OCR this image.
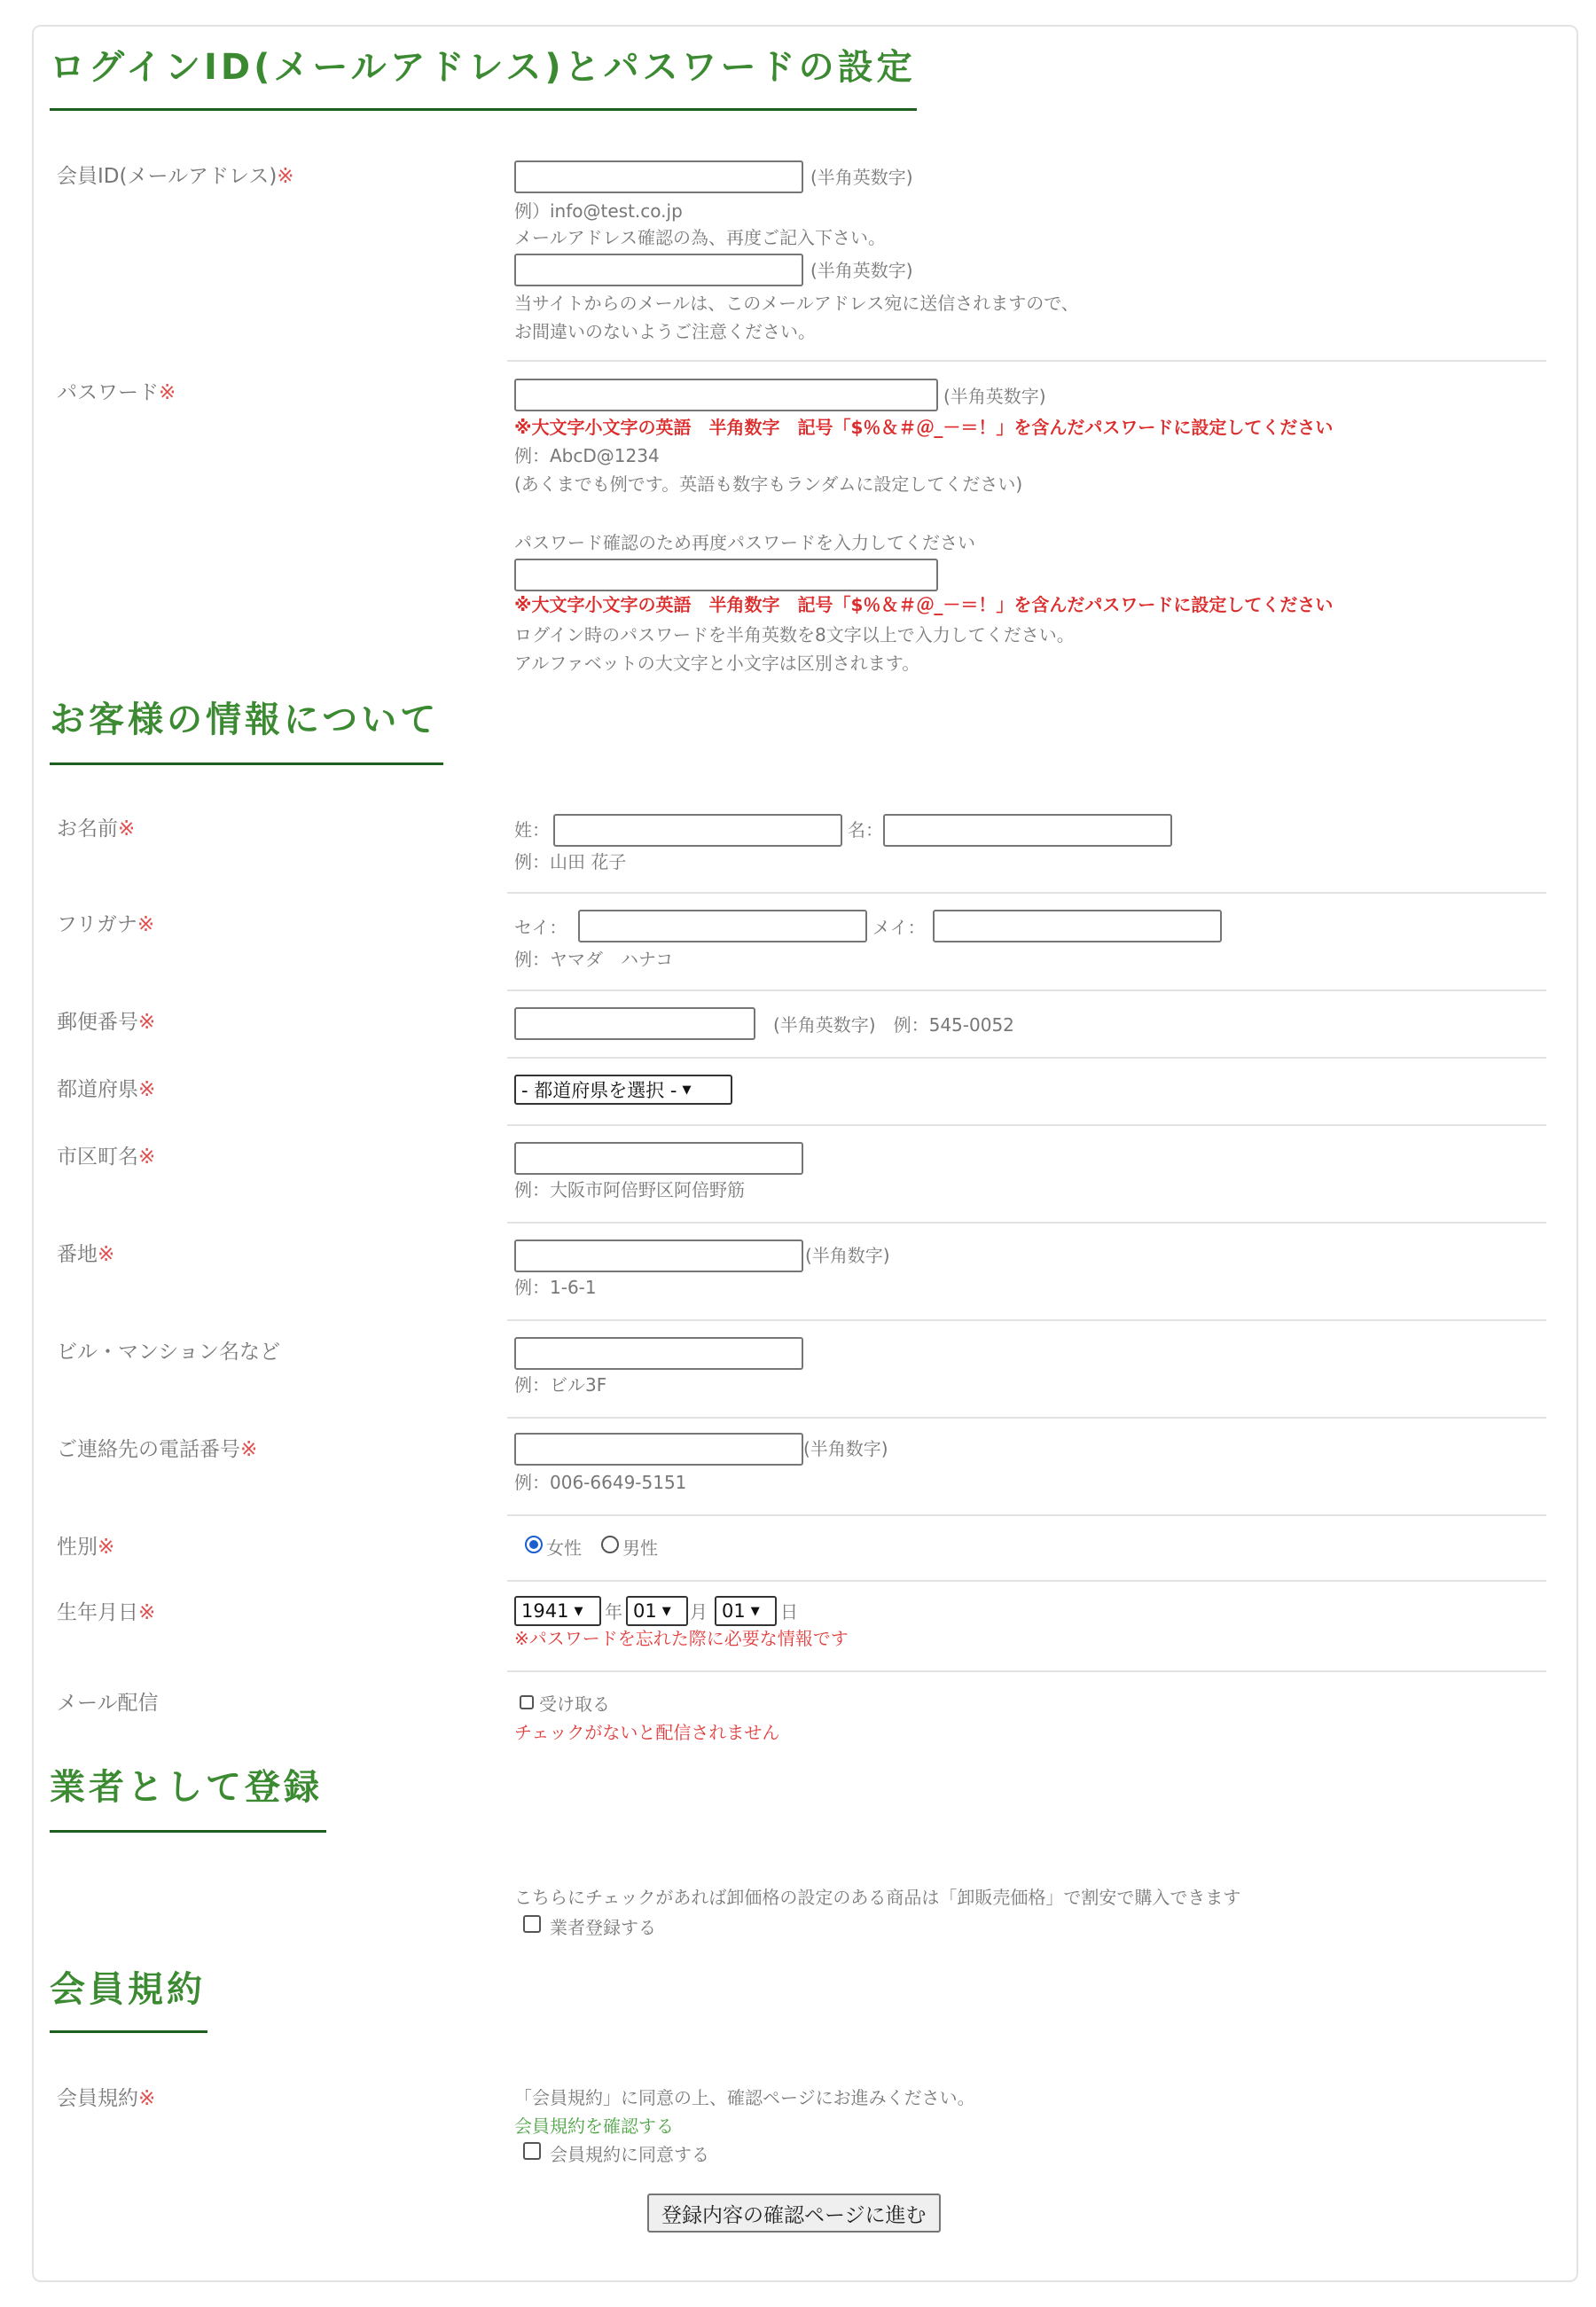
ログインID(メールアドレス)とパスワードの設定
会員ID(メールアドレス)※	(半角英数字)
例）info@test.co.jp
メールアドレス確認の為、再度ご記入下さい。
(半角英数字)
当サイトからのメールは、このメールアドレス宛に送信されますので、
お間違いのないようご注意ください。
パスワード※	(半角英数字)
※大文字小文字の英語　半角数字　記号「$％＆＃＠_－＝！」を含んだパスワードに設定してください
例：AbcD@1234
(あくまでも例です。英語も数字もランダムに設定してください)
パスワード確認のため再度パスワードを入力してください
※大文字小文字の英語　半角数字　記号「$％＆＃＠_－＝！」を含んだパスワードに設定してください
ログイン時のパスワードを半角英数を8文字以上で入力してください。
アルファベットの大文字と小文字は区別されます。
お客様の情報について
お名前※	姓：	名：
例：山田 花子
フリガナ※	セイ：	メイ：
例：ヤマダ　ハナコ
郵便番号※	(半角英数字)　例：545-0052
都道府県※	- 都道府県を選択 - ▼
市区町名※
例：大阪市阿倍野区阿倍野筋
番地※	(半角数字)
例：1-6-1
ビル・マンション名など
例：ビル3F
ご連絡先の電話番号※	(半角数字)
例：006-6649-5151
性別※	女性 男性
生年月日※	1941 ▼ 年 01 ▼ 月 01 ▼ 日
※パスワードを忘れた際に必要な情報です
メール配信	受け取る
チェックがないと配信されません
業者として登録
こちらにチェックがあれば卸価格の設定のある商品は「卸販売価格」で割安で購入できます
業者登録する
会員規約
会員規約※	「会員規約」に同意の上、確認ページにお進みください。
会員規約を確認する
会員規約に同意する
登録内容の確認ページに進む
